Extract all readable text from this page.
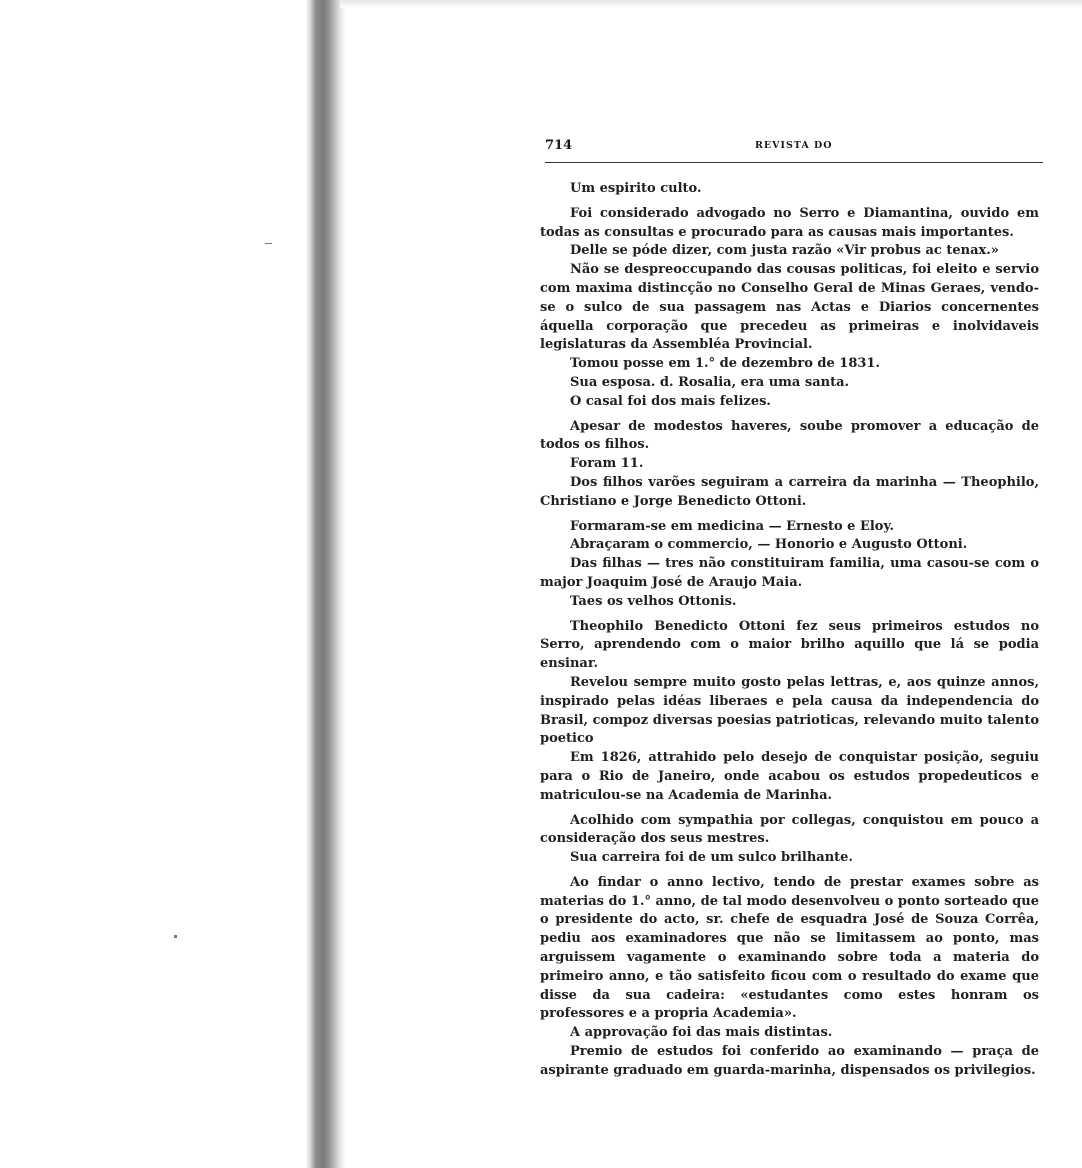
714	REVISTA DO

Um espirito culto.

Foi considerado advogado no Serro e Diamantina, ouvido em todas as consultas e procurado para as causas mais importantes.

Delle se póde dizer, com justa razão «Vir probus ac tenax.»

Não se despreoccupando das cousas politicas, foi eleito e servio com maxima distincção no Conselho Geral de Minas Geraes, vendo-se o sulco de sua passagem nas Actas e Diarios concernentes áquella corporação que precedeu as primeiras e inolvidaveis legislaturas da Assembléa Provincial.

Tomou posse em 1.° de dezembro de 1831.

Sua esposa. d. Rosalia, era uma santa.

O casal foi dos mais felizes.

Apesar de modestos haveres, soube promover a educação de todos os filhos.

Foram 11.

Dos filhos varões seguiram a carreira da marinha — Theophilo, Christiano e Jorge Benedicto Ottoni.

Formaram-se em medicina — Ernesto e Eloy.

Abraçaram o commercio, — Honorio e Augusto Ottoni.

Das filhas — tres não constituiram familia, uma casou-se com o major Joaquim José de Araujo Maia.

Taes os velhos Ottonis.

Theophilo Benedicto Ottoni fez seus primeiros estudos no Serro, aprendendo com o maior brilho aquillo que lá se podia ensinar.

Revelou sempre muito gosto pelas lettras, e, aos quinze annos, inspirado pelas idéas liberaes e pela causa da independencia do Brasil, compoz diversas poesias patrioticas, relevando muito talento poetico

Em 1826, attrahido pelo desejo de conquistar posição, seguiu para o Rio de Janeiro, onde acabou os estudos propedeuticos e matriculou-se na Academia de Marinha.

Acolhido com sympathia por collegas, conquistou em pouco a consideração dos seus mestres.

Sua carreira foi de um sulco brilhante.

Ao findar o anno lectivo, tendo de prestar exames sobre as materias do 1.° anno, de tal modo desenvolveu o ponto sorteado que o presidente do acto, sr. chefe de esquadra José de Souza Corrêa, pediu aos examinadores que não se limitassem ao ponto, mas arguissem vagamente o examinando sobre toda a materia do primeiro anno, e tão satisfeito ficou com o resultado do exame que disse da sua cadeira: «estudantes como estes honram os professores e a propria Academia».

A approvação foi das mais distintas.

Premio de estudos foi conferido ao examinando — praça de aspirante graduado em guarda-marinha, dispensados os privilegios.
